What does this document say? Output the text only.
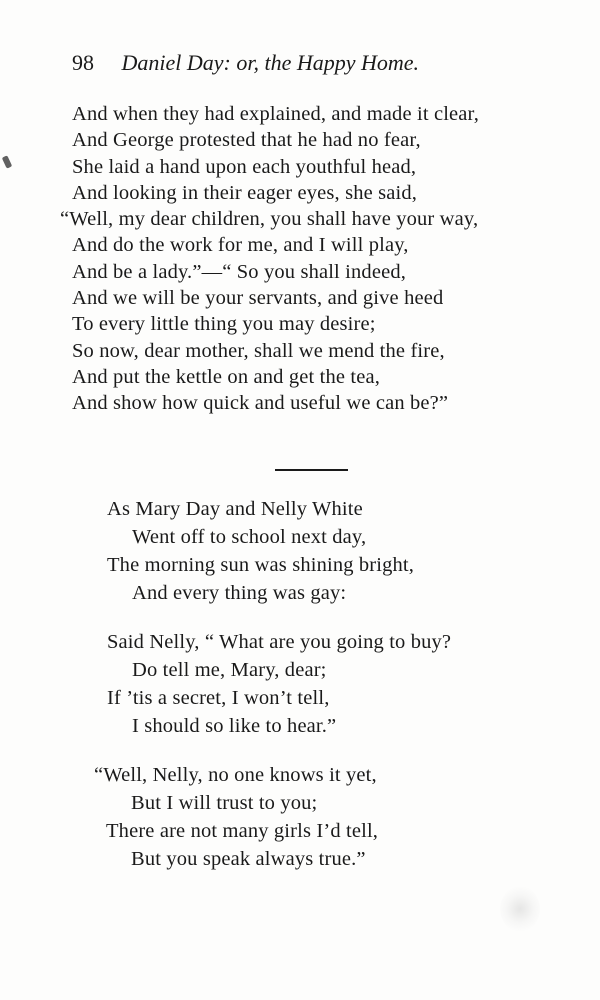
98 Daniel Day: or, the Happy Home.
And when they had explained, and made it clear,
And George protested that he had no fear,
She laid a hand upon each youthful head,
And looking in their eager eyes, she said,
“Well, my dear children, you shall have your way,
And do the work for me, and I will play,
And be a lady.”—“ So you shall indeed,
And we will be your servants, and give heed
To every little thing you may desire;
So now, dear mother, shall we mend the fire,
And put the kettle on and get the tea,
And show how quick and useful we can be?”
As Mary Day and Nelly White
Went off to school next day,
The morning sun was shining bright,
And every thing was gay:
Said Nelly, “ What are you going to buy?
Do tell me, Mary, dear;
If ’tis a secret, I won’t tell,
I should so like to hear.”
“Well, Nelly, no one knows it yet,
But I will trust to you;
There are not many girls I’d tell,
But you speak always true.”
